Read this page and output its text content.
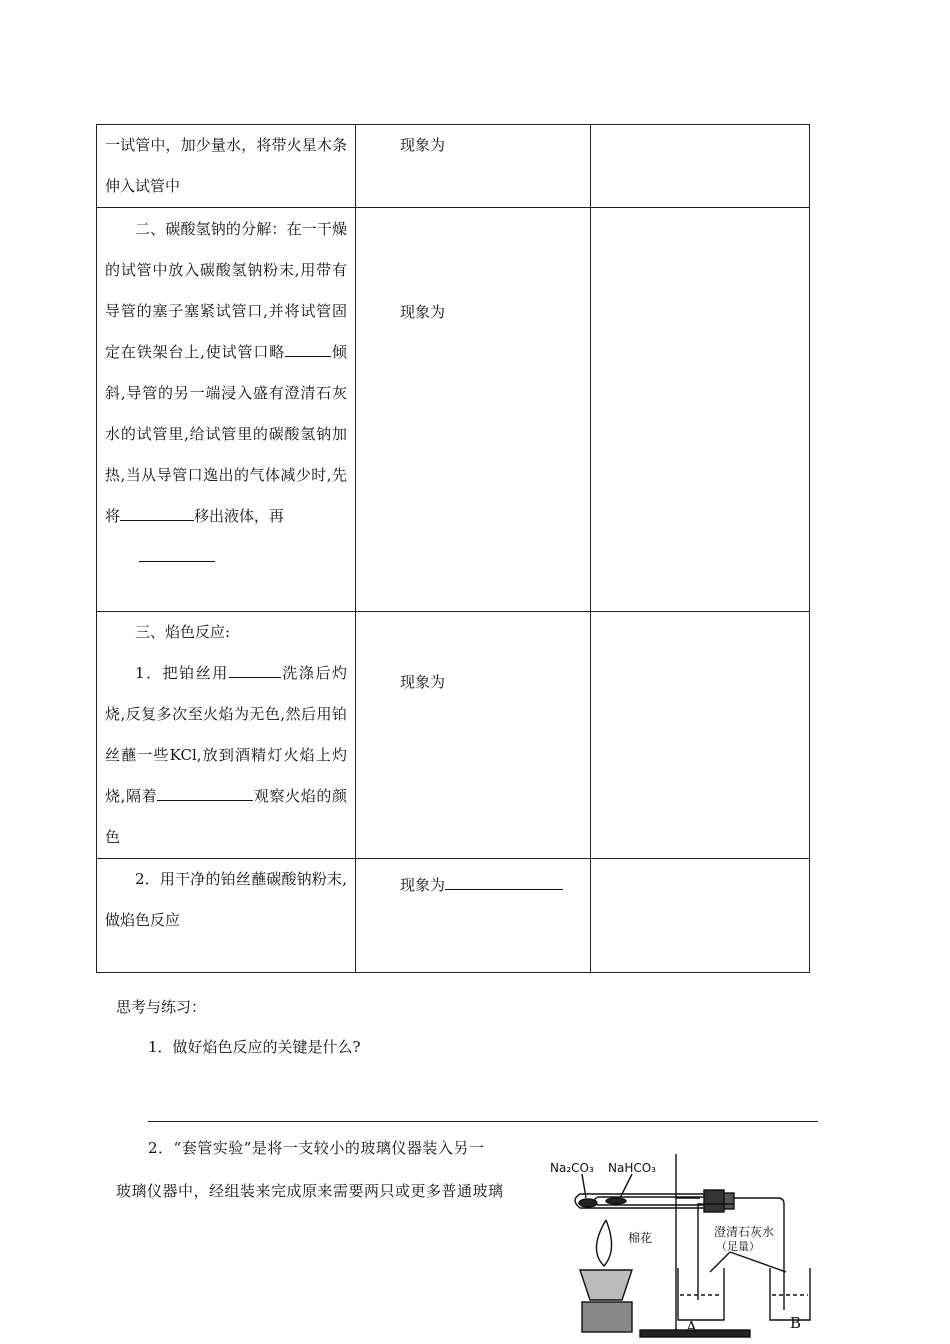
一试管中，加少量水，将带火星木条伸入试管中	现象为	

二、碳酸氢钠的分解：在一干燥的试管中放入碳酸氢钠粉末,用带有导管的塞子塞紧试管口,并将试管固定在铁架台上,使试管口略 倾斜,导管的另一端浸入盛有澄清石灰水的试管里,给试管里的碳酸氢钠加热,当从导管口逸出的气体减少时,先将 移出液体，再	现象为	

三、焰色反应:
1．把铂丝用 洗涤后灼烧,反复多次至火焰为无色,然后用铂丝蘸一些KCl,放到酒精灯火焰上灼烧,隔着 观察火焰的颜色	现象为	

2．用干净的铂丝蘸碳酸钠粉末,做焰色反应	现象为	

思考与练习：
1．做好焰色反应的关键是什么?
2．“套管实验”是将一支较小的玻璃仪器装入另一
玻璃仪器中，经组装来完成原来需要两只或更多普通玻璃
Na₂CO₃ NaHCO₃
棉花	澄清石灰水
（足量）
A	B
